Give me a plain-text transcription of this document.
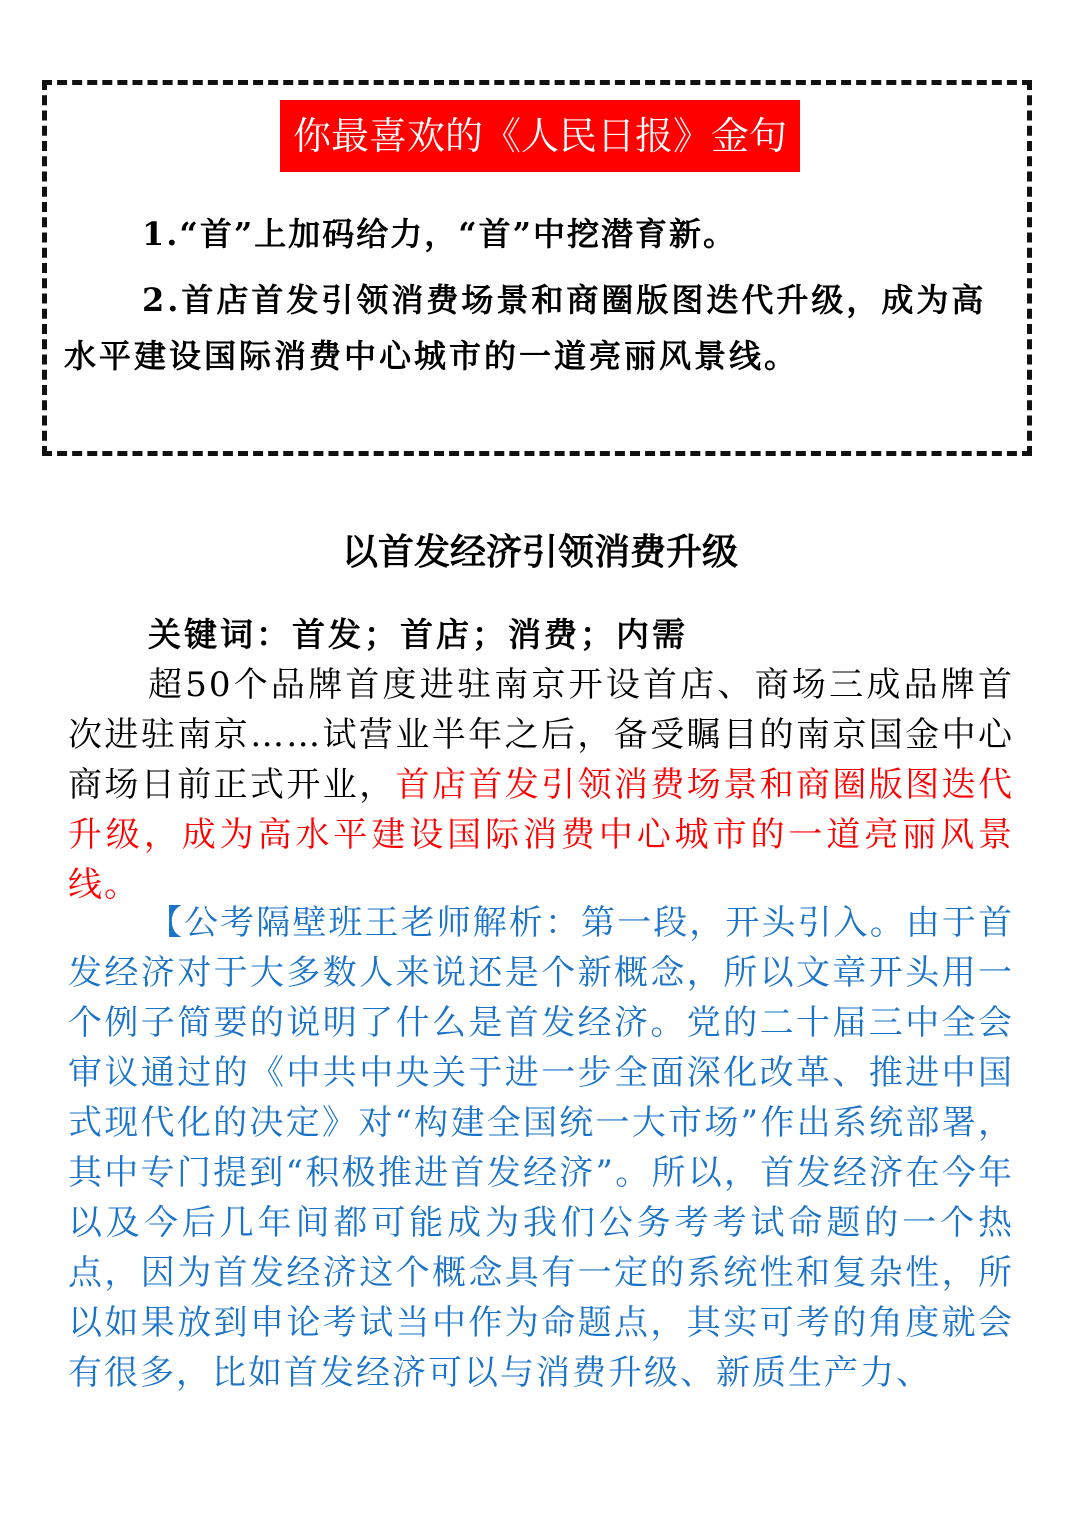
你最喜欢的《人民日报》金句
1.“首”上加码给力，“首”中挖潜育新。
2.首店首发引领消费场景和商圈版图迭代升级，成为高水平建设国际消费中心城市的一道亮丽风景线。
以首发经济引领消费升级
关键词：首发；首店；消费；内需
超50个品牌首度进驻南京开设首店、商场三成品牌首次进驻南京……试营业半年之后，备受瞩目的南京国金中心商场日前正式开业，首店首发引领消费场景和商圈版图迭代升级，成为高水平建设国际消费中心城市的一道亮丽风景线。
【公考隔壁班王老师解析：第一段，开头引入。由于首发经济对于大多数人来说还是个新概念，所以文章开头用一个例子简要的说明了什么是首发经济。党的二十届三中全会审议通过的《中共中央关于进一步全面深化改革、推进中国式现代化的决定》对“构建全国统一大市场”作出系统部署，其中专门提到“积极推进首发经济”。所以，首发经济在今年以及今后几年间都可能成为我们公务考考试命题的一个热点，因为首发经济这个概念具有一定的系统性和复杂性，所以如果放到申论考试当中作为命题点，其实可考的角度就会有很多，比如首发经济可以与消费升级、新质生产力、
